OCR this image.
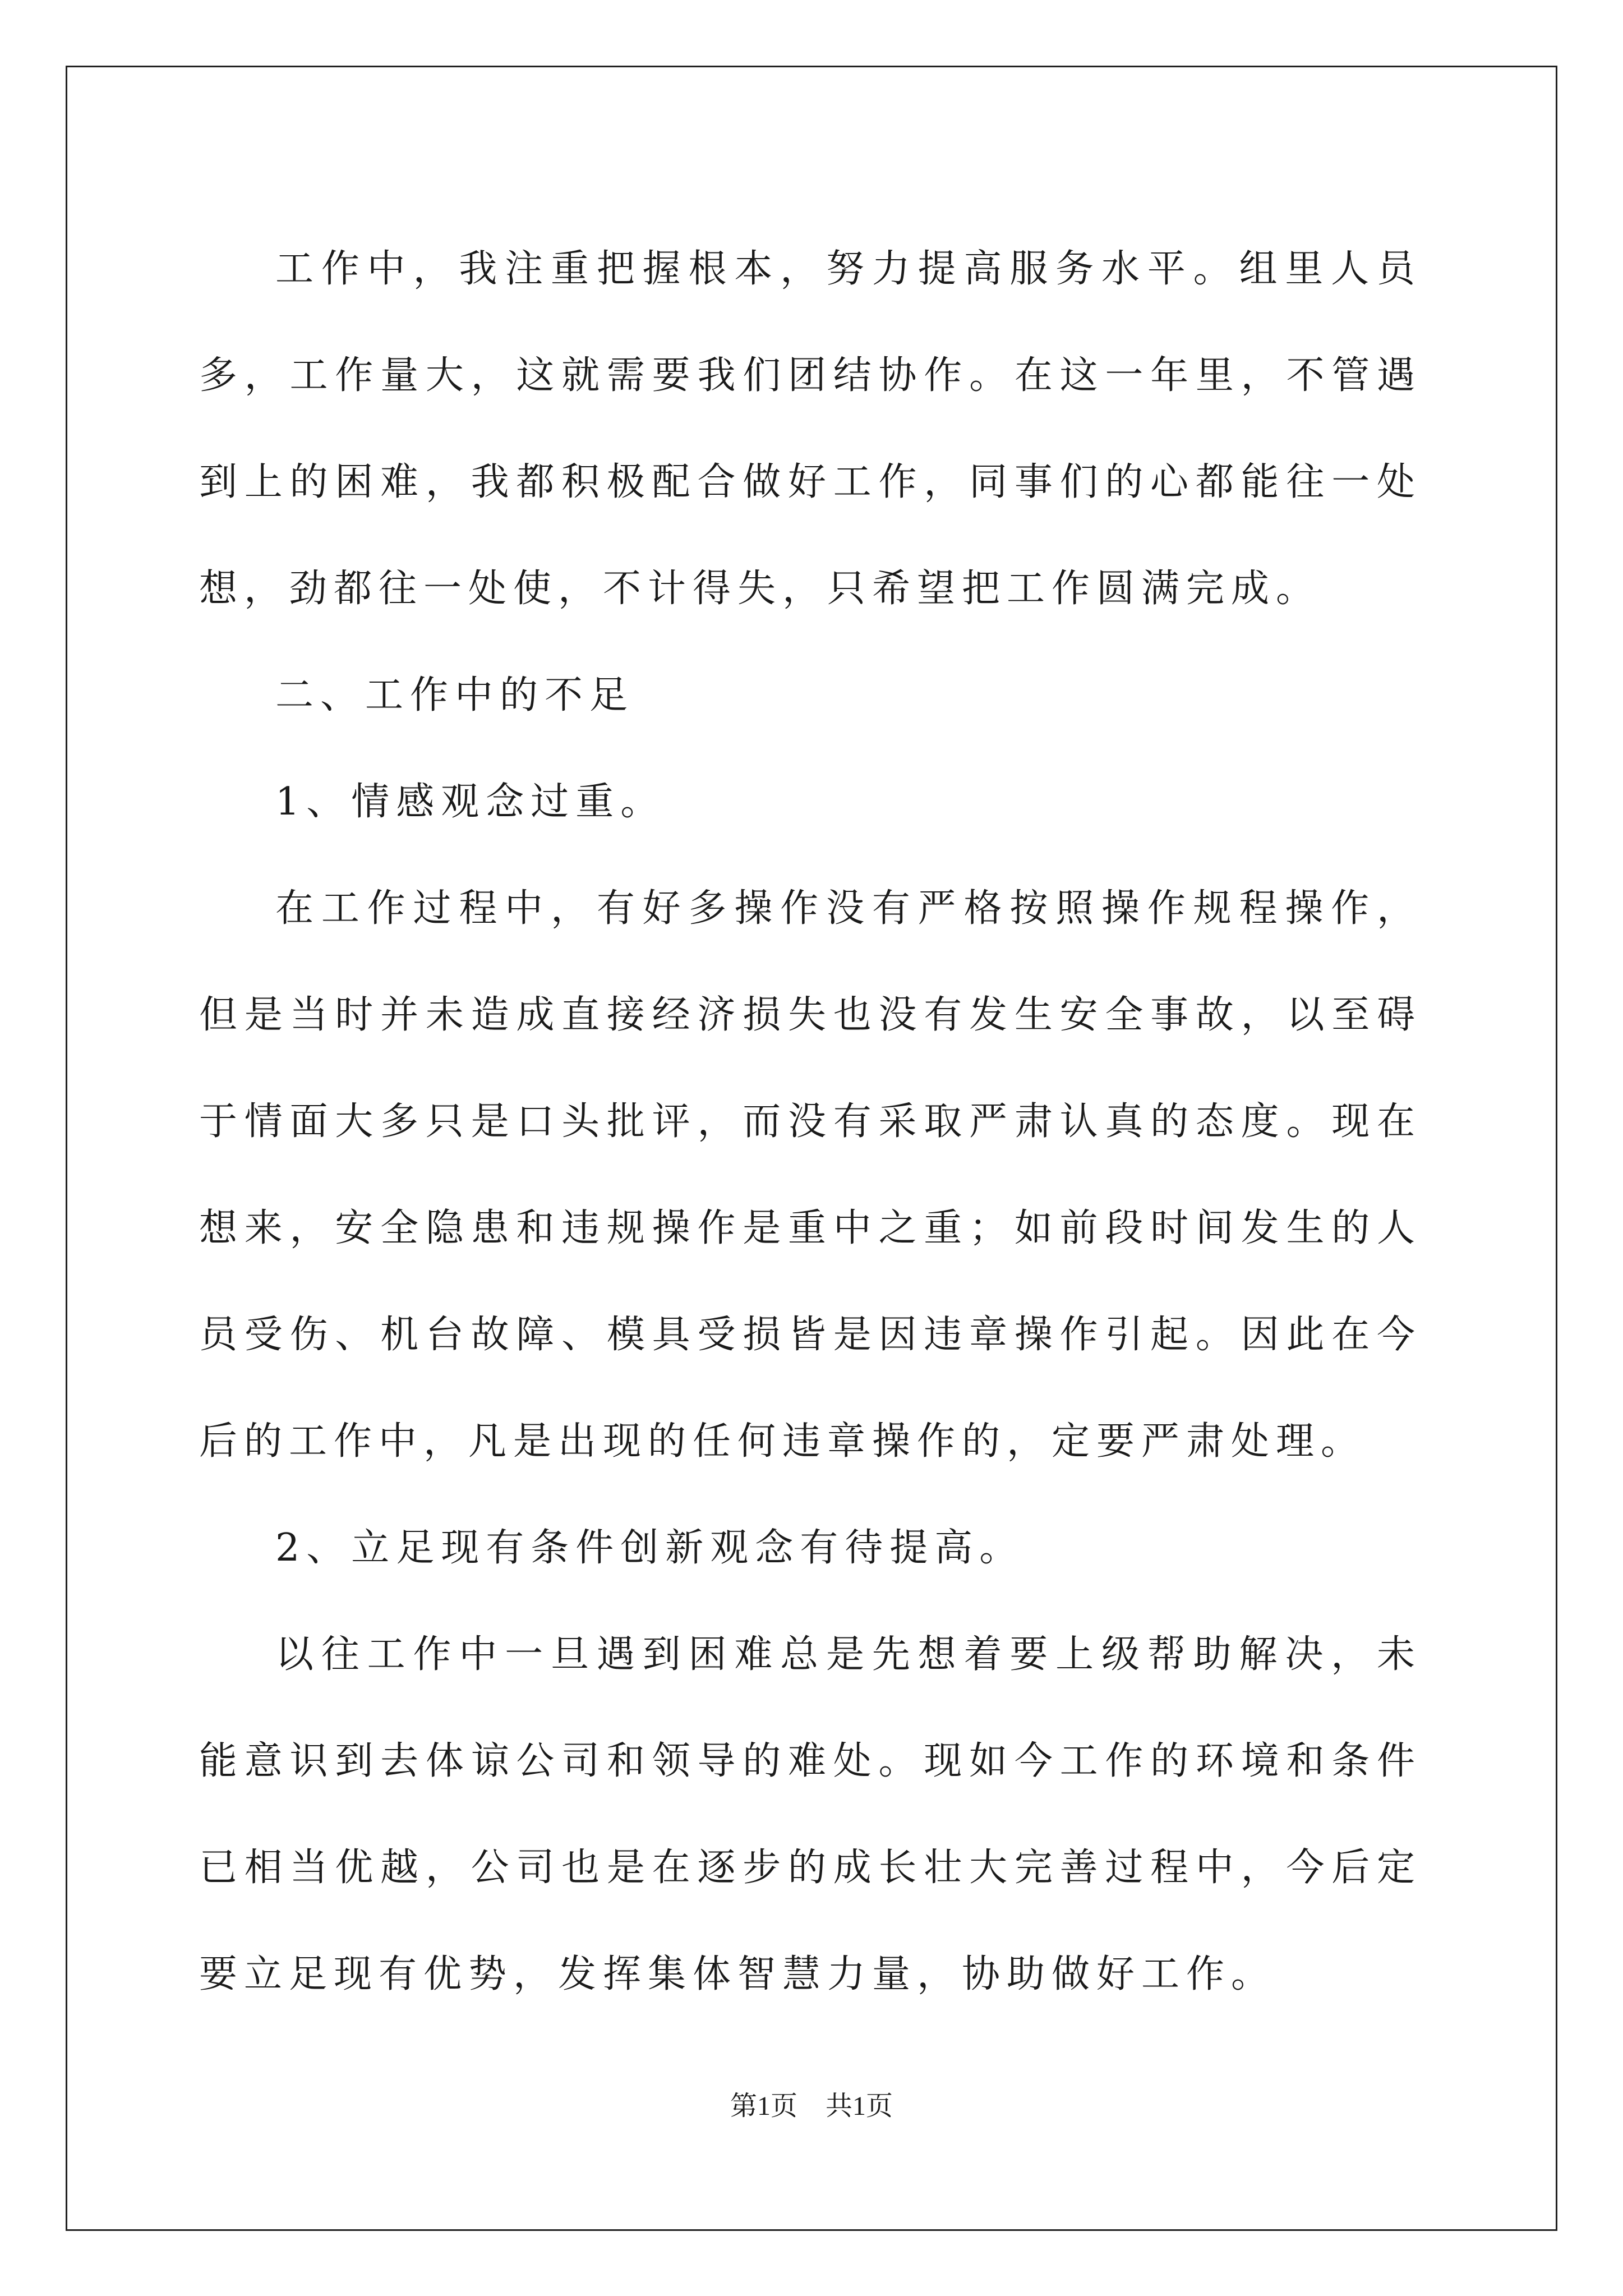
工作中，我注重把握根本，努力提高服务水平。组里人员多，工作量大，这就需要我们团结协作。在这一年里，不管遇到上的困难，我都积极配合做好工作，同事们的心都能往一处想，劲都往一处使，不计得失，只希望把工作圆满完成。

二、工作中的不足

1、情感观念过重。

在工作过程中，有好多操作没有严格按照操作规程操作，但是当时并未造成直接经济损失也没有发生安全事故，以至碍于情面大多只是口头批评，而没有采取严肃认真的态度。现在想来，安全隐患和违规操作是重中之重；如前段时间发生的人员受伤、机台故障、模具受损皆是因违章操作引起。因此在今后的工作中，凡是出现的任何违章操作的，定要严肃处理。

2、立足现有条件创新观念有待提高。

以往工作中一旦遇到困难总是先想着要上级帮助解决，未能意识到去体谅公司和领导的难处。现如今工作的环境和条件已相当优越，公司也是在逐步的成长壮大完善过程中，今后定要立足现有优势，发挥集体智慧力量，协助做好工作。

第1页 共1页
